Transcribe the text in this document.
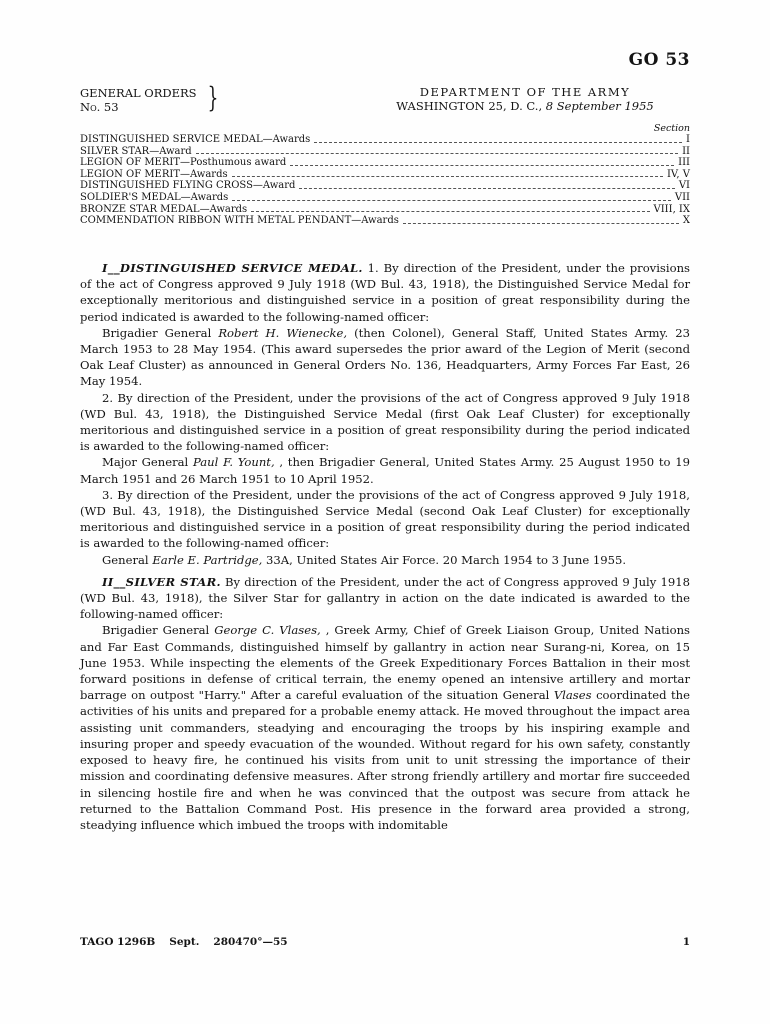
GO 53
GENERAL ORDERS
No. 53	}	DEPARTMENT OF THE ARMY
WASHINGTON 25, D. C., 8 September 1955
Section
DISTINGUISHED SERVICE MEDAL—Awards	I
SILVER STAR—Award	II
LEGION OF MERIT—Posthumous award	III
LEGION OF MERIT—Awards	IV, V
DISTINGUISHED FLYING CROSS—Award	VI
SOLDIER'S MEDAL—Awards	VII
BRONZE STAR MEDAL—Awards	VIII, IX
COMMENDATION RIBBON WITH METAL PENDANT—Awards	X

I__DISTINGUISHED SERVICE MEDAL. 1. By direction of the President, under the provisions of the act of Congress approved 9 July 1918 (WD Bul. 43, 1918), the Distinguished Service Medal for exceptionally meritorious and distinguished service in a position of great responsibility during the period indicated is awarded to the following-named officer:

Brigadier General Robert H. Wienecke, (then Colonel), General Staff, United States Army. 23 March 1953 to 28 May 1954. (This award supersedes the prior award of the Legion of Merit (second Oak Leaf Cluster) as announced in General Orders No. 136, Headquarters, Army Forces Far East, 26 May 1954.

2. By direction of the President, under the provisions of the act of Congress approved 9 July 1918 (WD Bul. 43, 1918), the Distinguished Service Medal (first Oak Leaf Cluster) for exceptionally meritorious and distinguished service in a position of great responsibility during the period indicated is awarded to the following-named officer:

Major General Paul F. Yount, , then Brigadier General, United States Army. 25 August 1950 to 19 March 1951 and 26 March 1951 to 10 April 1952.

3. By direction of the President, under the provisions of the act of Congress approved 9 July 1918, (WD Bul. 43, 1918), the Distinguished Service Medal (second Oak Leaf Cluster) for exceptionally meritorious and distinguished service in a position of great responsibility during the period indicated is awarded to the following-named officer:

General Earle E. Partridge, 33A, United States Air Force. 20 March 1954 to 3 June 1955.

II__SILVER STAR. By direction of the President, under the act of Congress approved 9 July 1918 (WD Bul. 43, 1918), the Silver Star for gallantry in action on the date indicated is awarded to the following-named officer:

Brigadier General George C. Vlases, , Greek Army, Chief of Greek Liaison Group, United Nations and Far East Commands, distinguished himself by gallantry in action near Surang-ni, Korea, on 15 June 1953. While inspecting the elements of the Greek Expeditionary Forces Battalion in their most forward positions in defense of critical terrain, the enemy opened an intensive artillery and mortar barrage on outpost "Harry." After a careful evaluation of the situation General Vlases coordinated the activities of his units and prepared for a probable enemy attack. He moved throughout the impact area assisting unit commanders, steadying and encouraging the troops by his inspiring example and insuring proper and speedy evacuation of the wounded. Without regard for his own safety, constantly exposed to heavy fire, he continued his visits from unit to unit stressing the importance of their mission and coordinating defensive measures. After strong friendly artillery and mortar fire succeeded in silencing hostile fire and when he was convinced that the outpost was secure from attack he returned to the Battalion Command Post. His presence in the forward area provided a strong, steadying influence which imbued the troops with indomitable

TAGO 1296B Sept. 280470°—55	1
